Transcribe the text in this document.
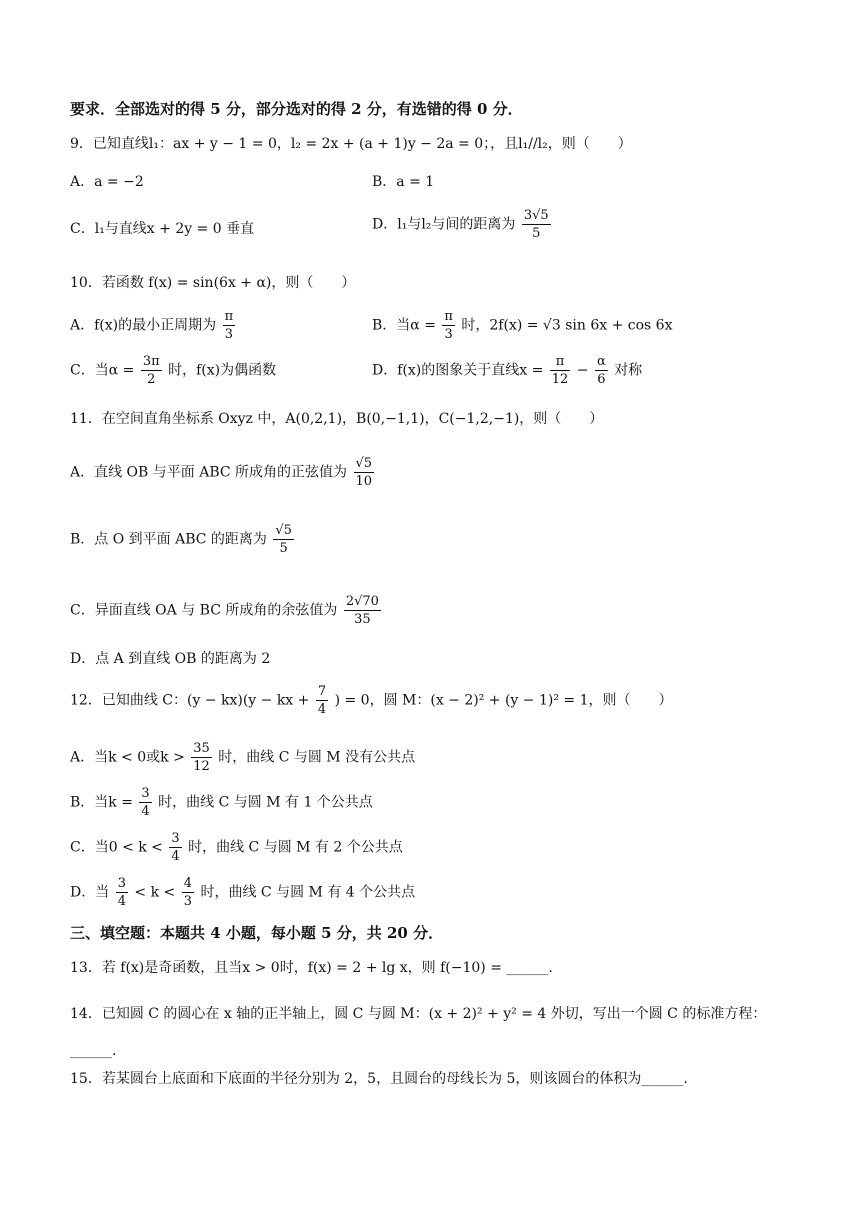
要求．全部选对的得 5 分，部分选对的得 2 分，有选错的得 0 分．
9．已知直线l₁：ax + y − 1 = 0，l₂ = 2x + (a + 1)y − 2a = 0；，且l₁//l₂，则（　　）
A．a = −2	B．a = 1
C．l₁与直线x + 2y = 0 垂直	D．l₁与l₂与间的距离为 $\frac{3√5}{5}$
10．若函数 f(x) = sin(6x + α)，则（　　）
A．f(x)的最小正周期为 $\frac{\pi}{3}$	B．当$\alpha = \frac{\pi}{3}$ 时，2f(x) = √3 sin 6x + cos 6x
C．当$\alpha = \frac{3\pi}{2}$ 时，f(x)为偶函数	D．f(x)的图象关于直线$x = \frac{\pi}{12} - \frac{\alpha}{6}$ 对称
11．在空间直角坐标系 Oxyz 中，A(0,2,1)，B(0,−1,1)，C(−1,2,−1)，则（　　）
A．直线 OB 与平面 ABC 所成角的正弦值为 $\frac{√5}{10}$
B．点 O 到平面 ABC 的距离为 $\frac{√5}{5}$
C．异面直线 OA 与 BC 所成角的余弦值为 $\frac{2√70}{35}$
D．点 A 到直线 OB 的距离为 2
12．已知曲线 C：(y − kx)(y − kx + $\frac{7}{4}$ ) = 0，圆 M：(x − 2)² + (y − 1)² = 1，则（　　）
A．当k < 0或$k > \frac{35}{12}$ 时，曲线 C 与圆 M 没有公共点
B．当$k = \frac{3}{4}$ 时，曲线 C 与圆 M 有 1 个公共点
C．当$0 < k < \frac{3}{4}$ 时，曲线 C 与圆 M 有 2 个公共点
D．当 $\frac{3}{4} < k < \frac{4}{3}$ 时，曲线 C 与圆 M 有 4 个公共点
三、填空题：本题共 4 小题，每小题 5 分，共 20 分．
13．若 f(x)是奇函数，且当x > 0时，f(x) = 2 + lg x，则 f(−10) = ______.
14．已知圆 C 的圆心在 x 轴的正半轴上，圆 C 与圆 M：(x + 2)² + y² = 4 外切，写出一个圆 C 的标准方程：
______.
15．若某圆台上底面和下底面的半径分别为 2，5，且圆台的母线长为 5，则该圆台的体积为______.
